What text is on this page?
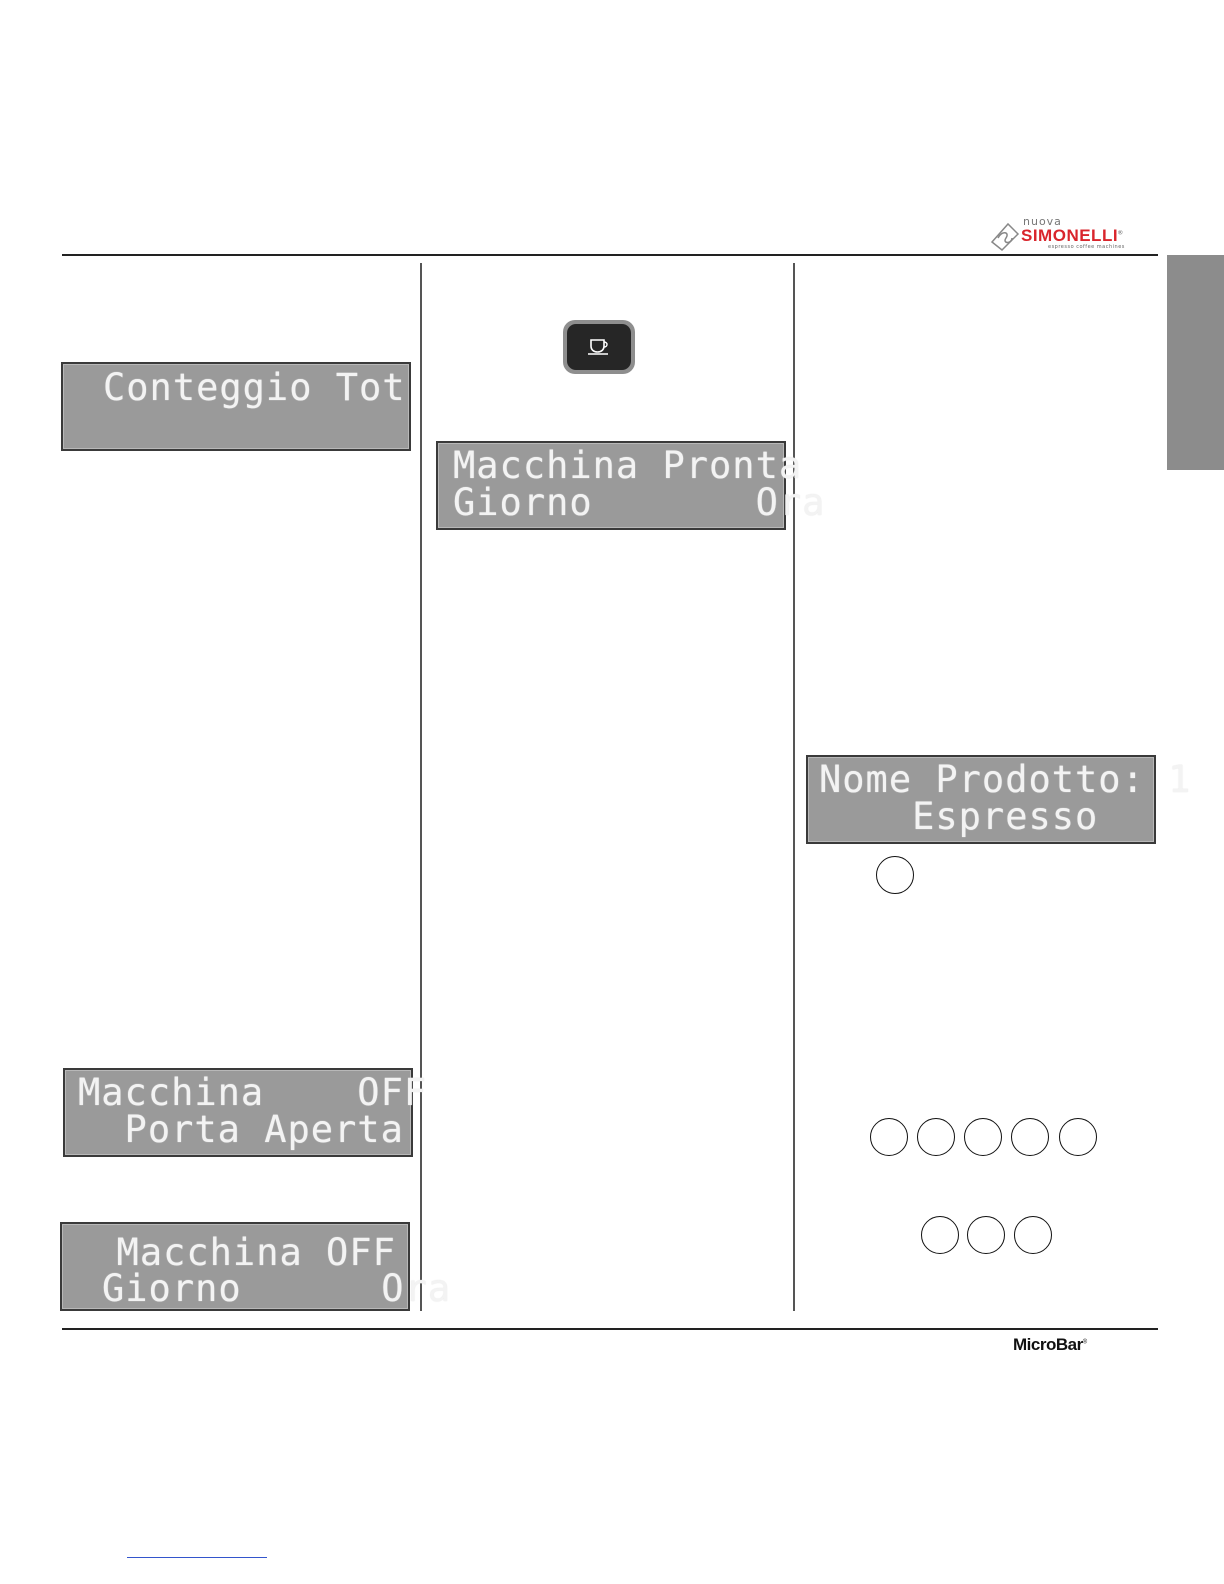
nuova
SIMONELLI®
espresso coffee machines
Conteggio Tot
Macchina    OFF
Porta Aperta
Macchina OFF
Giorno      Ora
Macchina Pronta
Giorno       Ora
Nome Prodotto: 1
Espresso
MicroBar®
